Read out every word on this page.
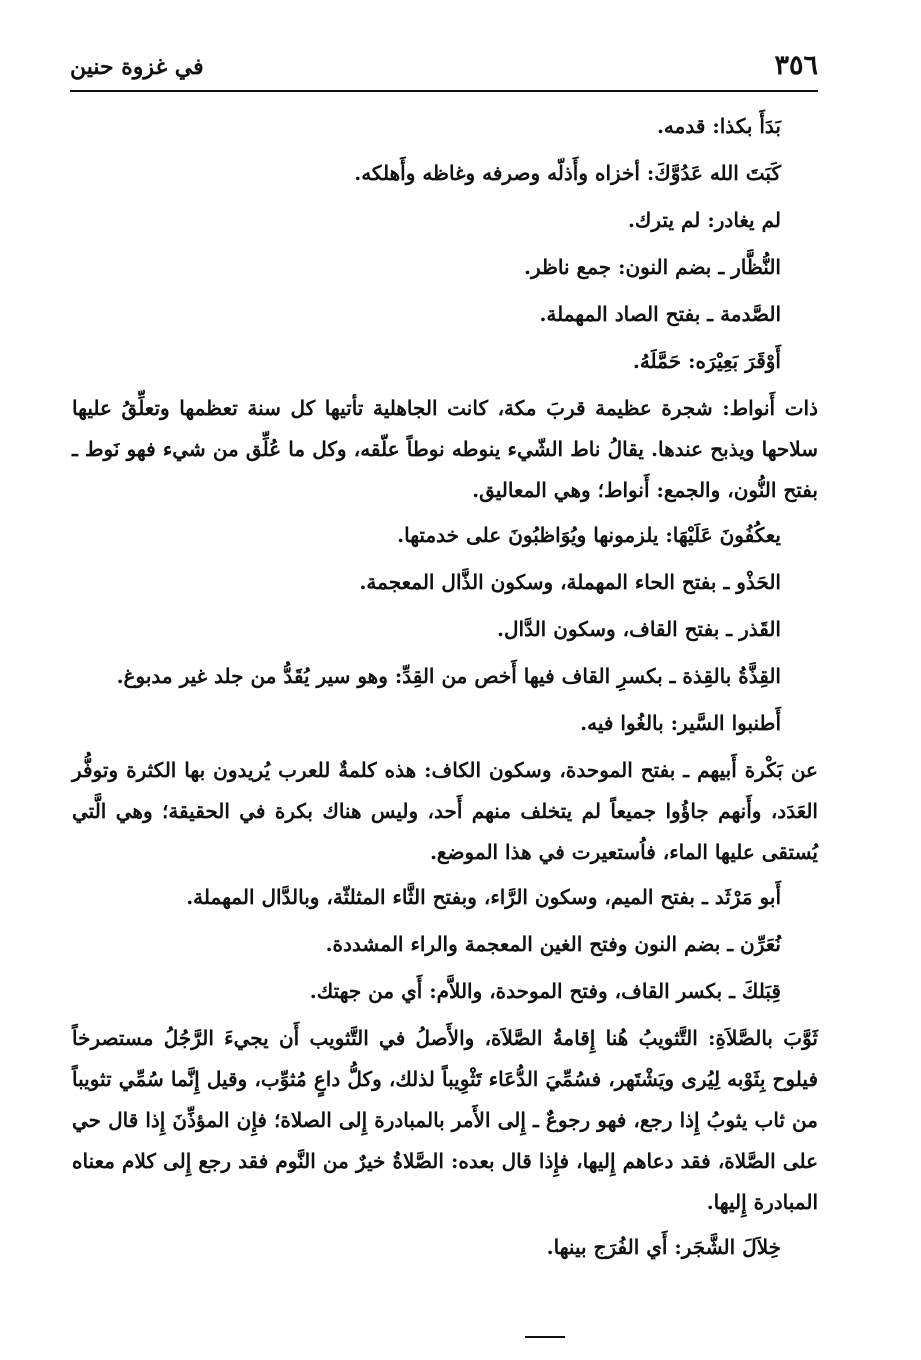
٣٥٦
في غزوة حنين

بَدَأَ بكذا: قدمه.

كَبَتَ الله عَدُوَّكَ: أخزاه وأَذلّه وصرفه وغاظه وأَهلكه.

لم يغادر: لم يترك.

النُّظَّار ـ بضم النون: جمع ناظر.

الصَّدمة ـ بفتح الصاد المهملة.

أَوْقَرَ بَعِيْرَه: حَمَّلَهُ.

ذات أَنواط: شجرة عظيمة قربَ مكة، كانت الجاهلية تأتيها كل سنة تعظمها وتعلِّقُ عليها سلاحها ويذبح عندها. يقالُ ناط الشّيء ينوطه نوطاً علّقه، وكل ما عُلِّق من شيء فهو نَوط ـ بفتح النُّون، والجمع: أَنواط؛ وهي المعاليق.

يعكُفُونَ عَلَيْهَا: يلزمونها ويُوَاظبُونَ على خدمتها.

الحَذْو ـ بفتح الحاء المهملة، وسكون الذَّال المعجمة.

القَذر ـ بفتح القاف، وسكون الدَّال.

القِذَّةُ بالقِذة ـ بكسرِ القاف فيها أَخص من القِدِّ: وهو سير يُقَدُّ من جلد غير مدبوغ.

أَطنبوا السَّير: بالغُوا فيه.

عن بَكْرة أَبيهم ـ بفتح الموحدة، وسكون الكاف: هذه كلمةٌ للعرب يُريدون بها الكثرة وتوفُّر العَدَد، وأَنهم جاؤُوا جميعاً لم يتخلف منهم أَحد، وليس هناك بكرة في الحقيقة؛ وهي الَّتي يُستقى عليها الماء، فاُستعيرت في هذا الموضع.

أَبو مَرْثَد ـ بفتح الميم، وسكون الرَّاء، وبفتح الثَّاء المثلثّة، وبالدَّال المهملة.

نُعَرِّن ـ بضم النون وفتح الغين المعجمة والراء المشددة.

قِبَلكَ ـ بكسر القاف، وفتح الموحدة، واللاَّم: أَي من جهتك.

ثَوَّبَ بالصَّلاَةِ: التَّثويبُ هُنا إِقامةُ الصَّلاَة، والأَصلُ في التَّثويب أَن يجيءَ الرَّجُلُ مستصرخاً فيلوح بِثَوْبه لِيُرى ويَشْتَهر، فسُمِّيَ الدُّعَاء تَثْوِيباً لذلك، وكلُّ داعٍ مُثوِّب، وقيل إِنَّما سُمِّي تثويباً من ثاب يثوبُ إِذا رجع، فهو رجوعٌ ـ إِلى الأَمر بالمبادرة إِلى الصلاة؛ فإِن المؤذِّنَ إِذا قال حي على الصَّلاة، فقد دعاهم إِليها، فإِذا قال بعده: الصَّلاةُ خيرٌ من النَّوم فقد رجع إِلى كلام معناه المبادرة إِليها.

خِلاَلَ الشَّجَر: أَي الفُرَج بينها.
